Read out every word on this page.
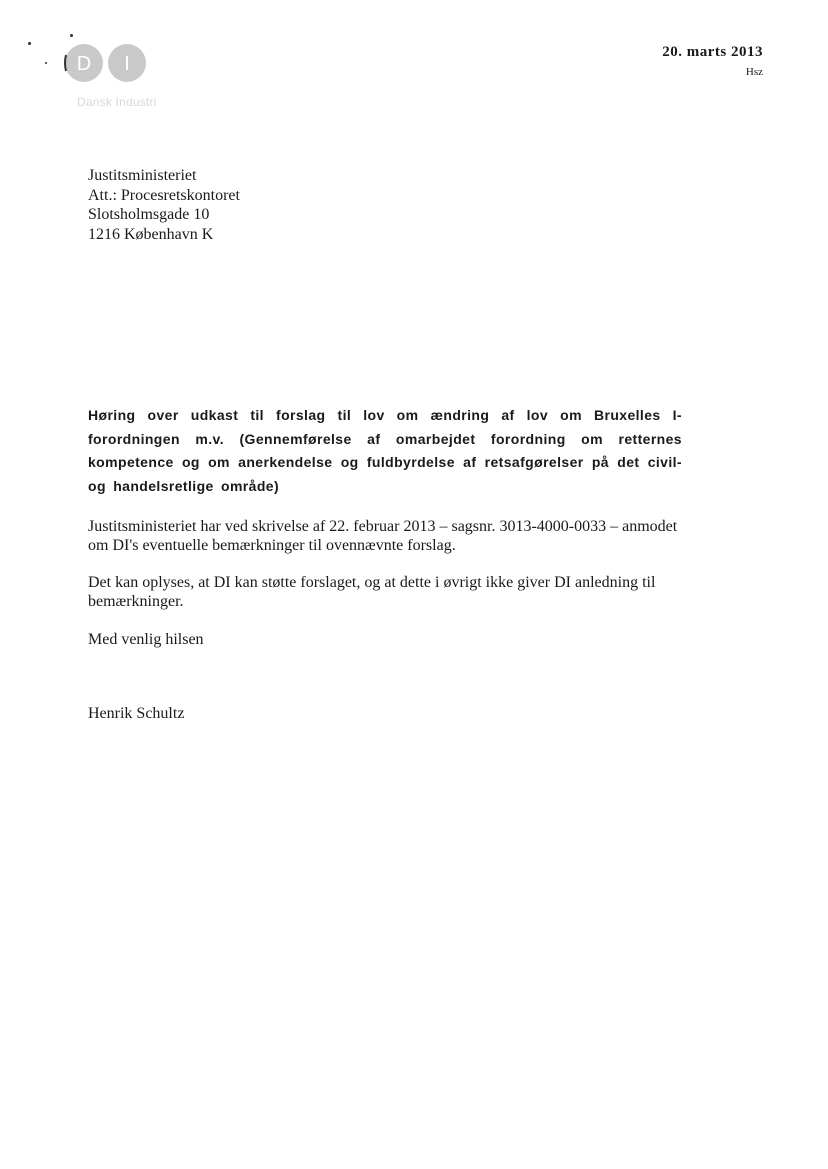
D I
Dansk Industri
20. marts 2013
Hsz
Justitsministeriet
Att.: Procesretskontoret
Slotsholmsgade 10
1216 København K
Høring over udkast til forslag til lov om ændring af lov om Bruxelles I-forordningen m.v. (Gennemførelse af omarbejdet forordning om retternes kompetence og om anerkendelse og fuldbyrdelse af retsafgørelser på det civil- og handelsretlige område)
Justitsministeriet har ved skrivelse af 22. februar 2013 – sagsnr. 3013-4000-0033 – anmodet om DI's eventuelle bemærkninger til ovennævnte forslag.
Det kan oplyses, at DI kan støtte forslaget, og at dette i øvrigt ikke giver DI anledning til bemærkninger.
Med venlig hilsen
Henrik Schultz
